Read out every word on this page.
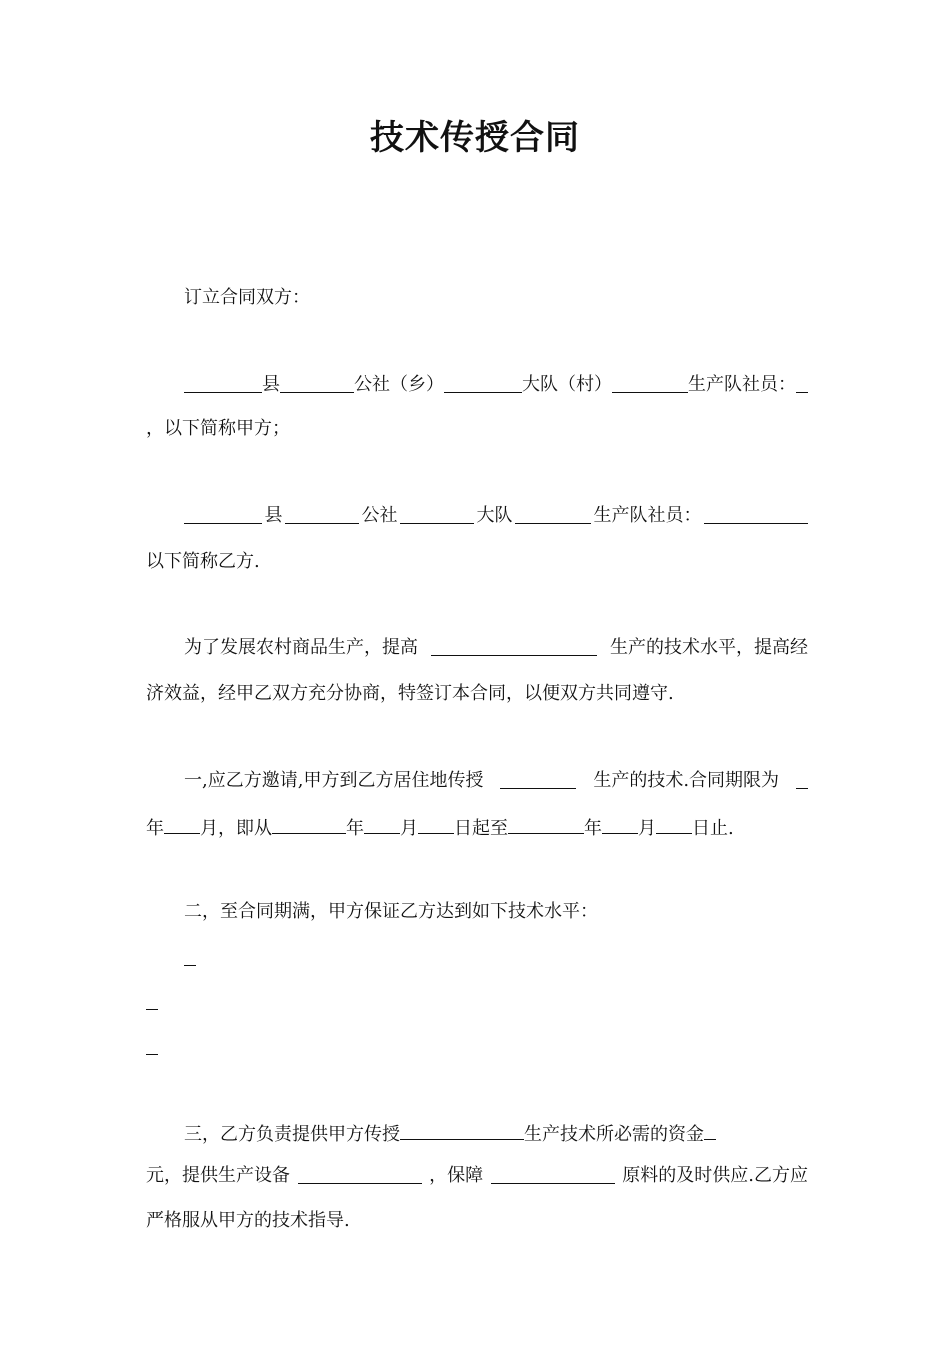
技术传授合同
订立合同双方：
县	公社（乡）	大队（村）	生产队社员：
，以下简称甲方；
县	公社	大队	生产队社员：
以下简称乙方.
为了发展农村商品生产，提高	生产的技术水平，提高经
济效益，经甲乙双方充分协商，特签订本合同，以便双方共同遵守.
一,应乙方邀请,甲方到乙方居住地传授	生产的技术.合同期限为
年 月，即从	年 月 日起至	年 月 日止.
二，至合同期满，甲方保证乙方达到如下技术水平：
三，乙方负责提供甲方传授	生产技术所必需的资金
元，提供生产设备	，保障	原料的及时供应.乙方应
严格服从甲方的技术指导.
